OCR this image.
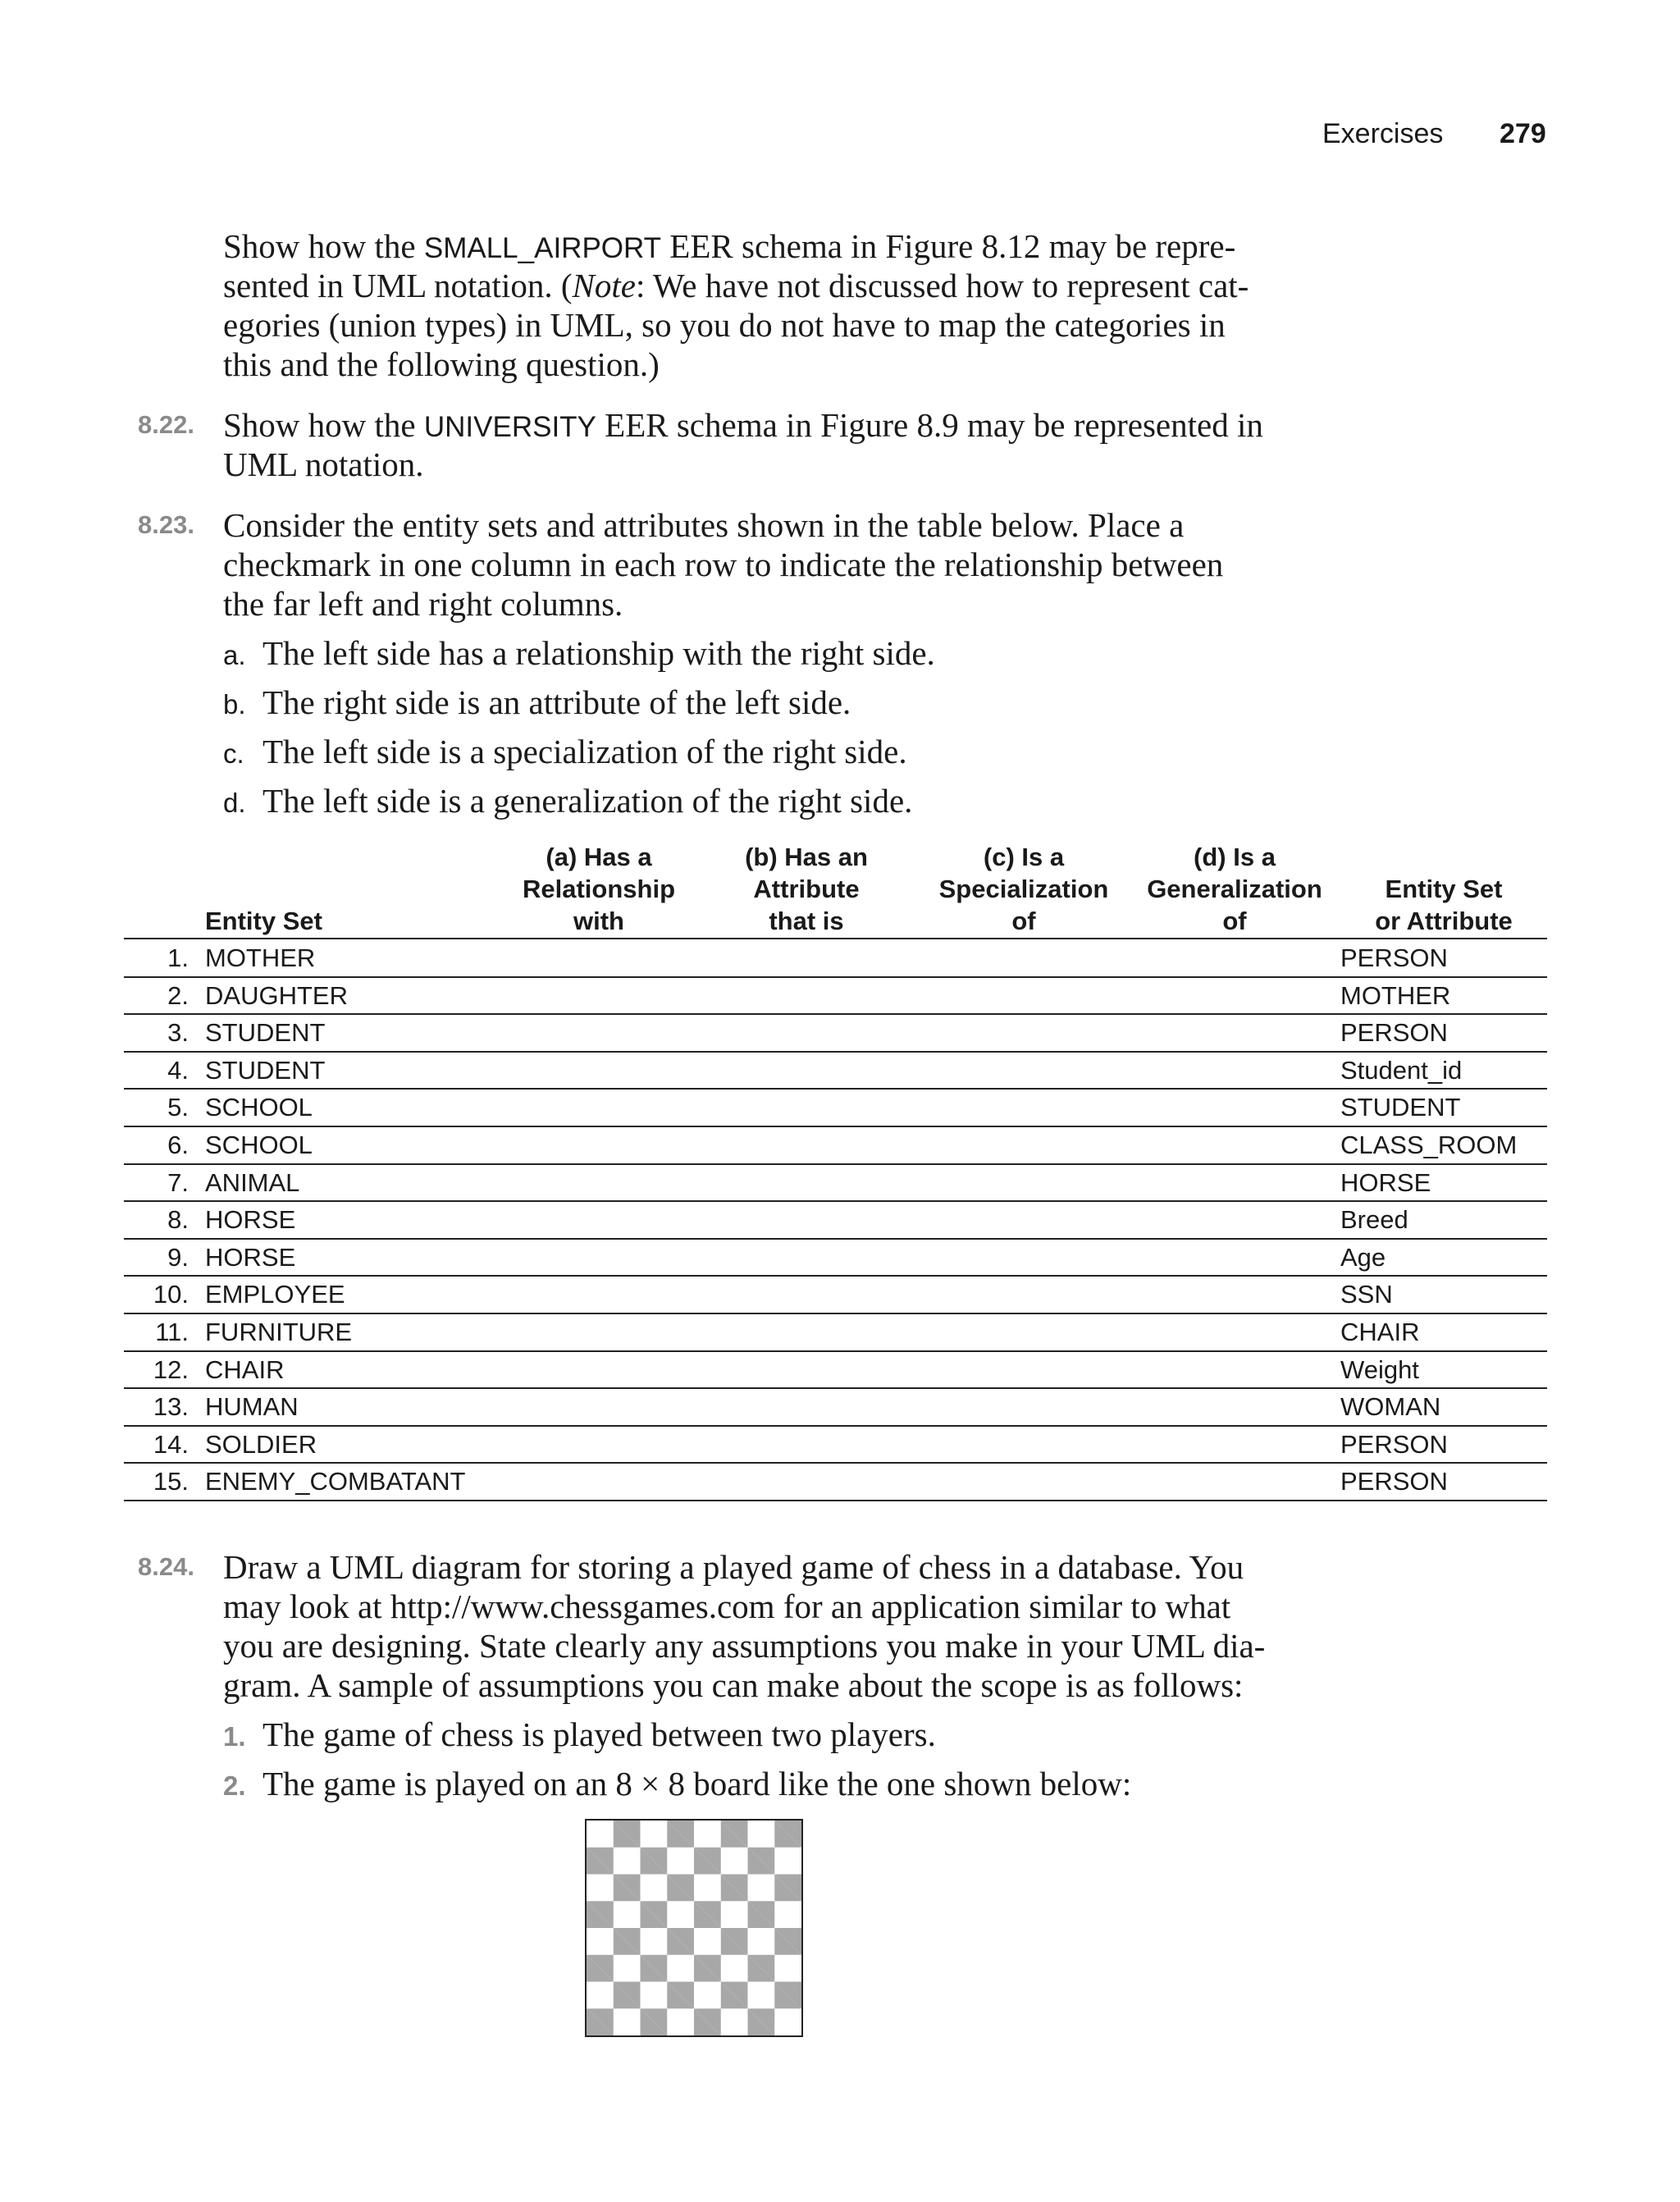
Exercises 279
Show how the SMALL_AIRPORT EER schema in Figure 8.12 may be repre-
sented in UML notation. (Note: We have not discussed how to represent cat-
egories (union types) in UML, so you do not have to map the categories in
this and the following question.)
8.22. Show how the UNIVERSITY EER schema in Figure 8.9 may be represented in
UML notation.
8.23. Consider the entity sets and attributes shown in the table below. Place a
checkmark in one column in each row to indicate the relationship between
the far left and right columns.
a. The left side has a relationship with the right side.
b. The right side is an attribute of the left side.
c. The left side is a specialization of the right side.
d. The left side is a generalization of the right side.
Entity Set
(a) Has a
Relationship
with
(b) Has an
Attribute
that is
(c) Is a
Specialization
of
(d) Is a
Generalization
of
Entity Set
or Attribute
1. MOTHER	PERSON
2. DAUGHTER	MOTHER
3. STUDENT	PERSON
4. STUDENT	Student_id
5. SCHOOL	STUDENT
6. SCHOOL	CLASS_ROOM
7. ANIMAL	HORSE
8. HORSE	Breed
9. HORSE	Age
10. EMPLOYEE	SSN
11. FURNITURE	CHAIR
12. CHAIR	Weight
13. HUMAN	WOMAN
14. SOLDIER	PERSON
15. ENEMY_COMBATANT	PERSON
8.24. Draw a UML diagram for storing a played game of chess in a database. You
may look at http://www.chessgames.com for an application similar to what
you are designing. State clearly any assumptions you make in your UML dia-
gram. A sample of assumptions you can make about the scope is as follows:
1. The game of chess is played between two players.
2. The game is played on an 8 × 8 board like the one shown below:
